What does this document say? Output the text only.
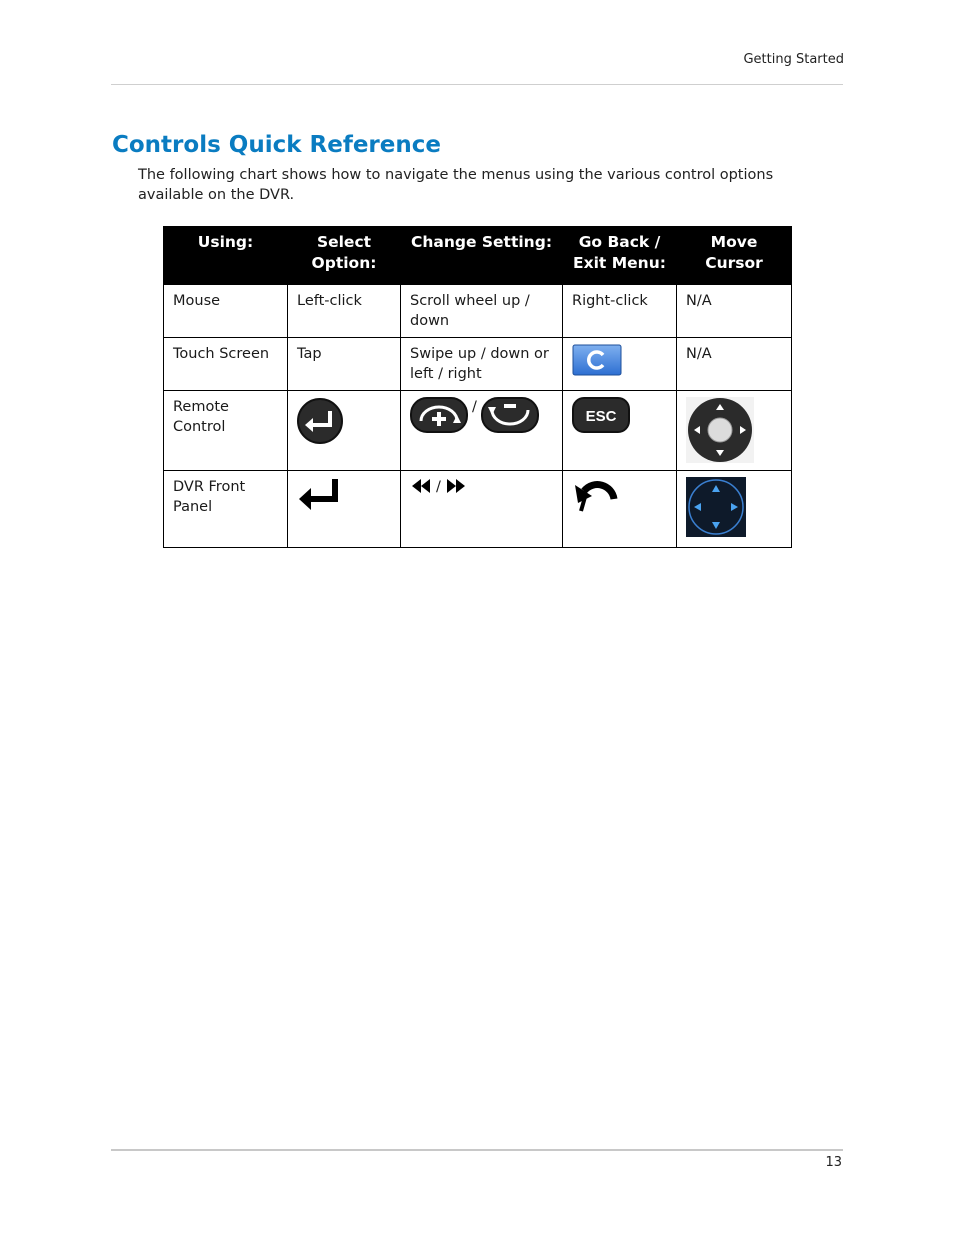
Getting Started
Controls Quick Reference

The following chart shows how to navigate the menus using the various control options available on the DVR.

Using:	Select Option:	Change Setting:	Go Back / Exit Menu:	Move Cursor
Mouse	Left-click	Scroll wheel up / down	Right-click	N/A
Touch Screen	Tap	Swipe up / down or left / right		N/A
Remote Control		/	ESC

DVR Front Panel		/		
13
